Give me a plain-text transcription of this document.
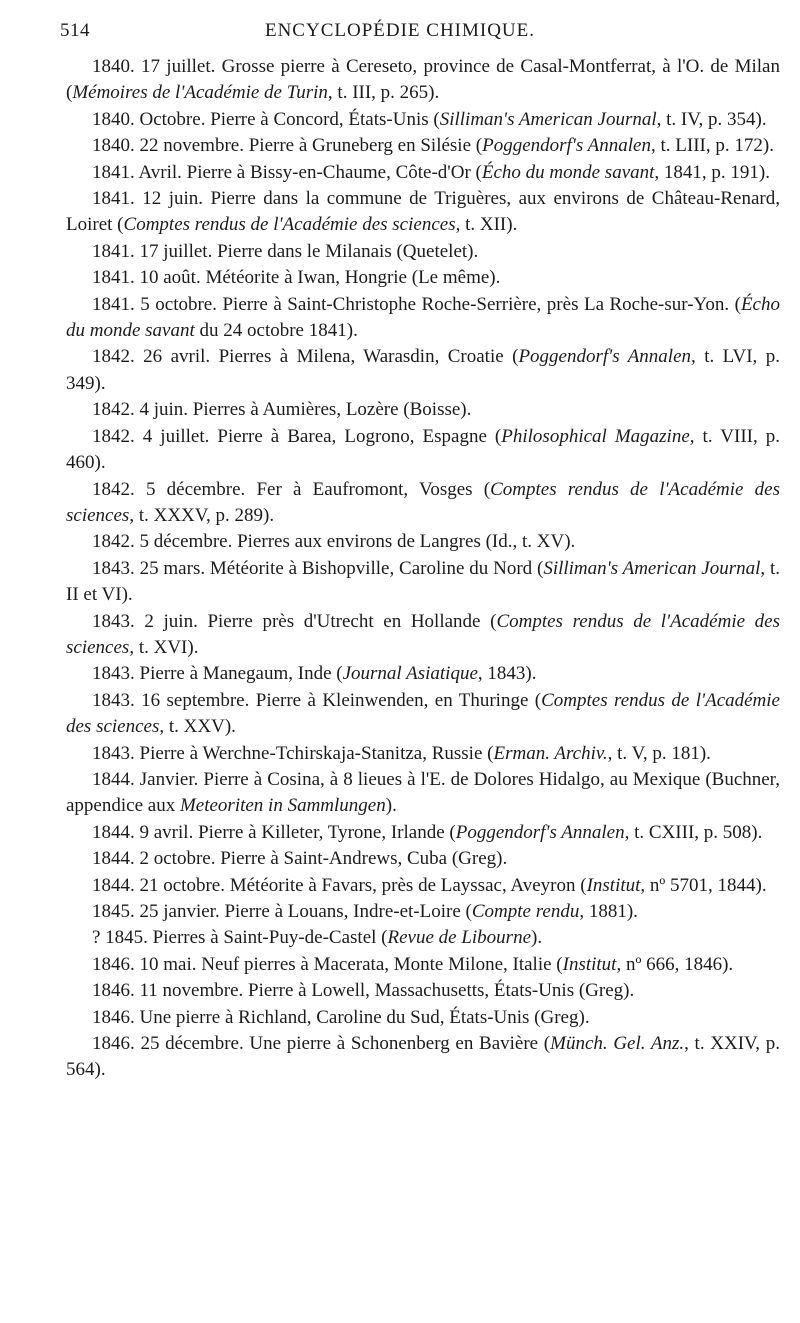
514	ENCYCLOPÉDIE CHIMIQUE.

1840. 17 juillet. Grosse pierre à Cereseto, province de Casal-Montferrat, à l'O. de Milan (Mémoires de l'Académie de Turin, t. III, p. 265).

1840. Octobre. Pierre à Concord, États-Unis (Silliman's American Journal, t. IV, p. 354).

1840. 22 novembre. Pierre à Gruneberg en Silésie (Poggendorf's Annalen, t. LIII, p. 172).

1841. Avril. Pierre à Bissy-en-Chaume, Côte-d'Or (Écho du monde savant, 1841, p. 191).

1841. 12 juin. Pierre dans la commune de Triguères, aux environs de Château-Renard, Loiret (Comptes rendus de l'Académie des sciences, t. XII).

1841. 17 juillet. Pierre dans le Milanais (Quetelet).

1841. 10 août. Météorite à Iwan, Hongrie (Le même).

1841. 5 octobre. Pierre à Saint-Christophe Roche-Serrière, près La Roche-sur-Yon. (Écho du monde savant du 24 octobre 1841).

1842. 26 avril. Pierres à Milena, Warasdin, Croatie (Poggendorf's Annalen, t. LVI, p. 349).

1842. 4 juin. Pierres à Aumières, Lozère (Boisse).

1842. 4 juillet. Pierre à Barea, Logrono, Espagne (Philosophical Magazine, t. VIII, p. 460).

1842. 5 décembre. Fer à Eaufromont, Vosges (Comptes rendus de l'Académie des sciences, t. XXXV, p. 289).

1842. 5 décembre. Pierres aux environs de Langres (Id., t. XV).

1843. 25 mars. Météorite à Bishopville, Caroline du Nord (Silliman's American Journal, t. II et VI).

1843. 2 juin. Pierre près d'Utrecht en Hollande (Comptes rendus de l'Académie des sciences, t. XVI).

1843. Pierre à Manegaum, Inde (Journal Asiatique, 1843).

1843. 16 septembre. Pierre à Kleinwenden, en Thuringe (Comptes rendus de l'Académie des sciences, t. XXV).

1843. Pierre à Werchne-Tchirskaja-Stanitza, Russie (Erman. Archiv., t. V, p. 181).

1844. Janvier. Pierre à Cosina, à 8 lieues à l'E. de Dolores Hidalgo, au Mexique (Buchner, appendice aux Meteoriten in Sammlungen).

1844. 9 avril. Pierre à Killeter, Tyrone, Irlande (Poggendorf's Annalen, t. CXIII, p. 508).

1844. 2 octobre. Pierre à Saint-Andrews, Cuba (Greg).

1844. 21 octobre. Météorite à Favars, près de Layssac, Aveyron (Institut, nº 5701, 1844).

1845. 25 janvier. Pierre à Louans, Indre-et-Loire (Compte rendu, 1881).

? 1845. Pierres à Saint-Puy-de-Castel (Revue de Libourne).

1846. 10 mai. Neuf pierres à Macerata, Monte Milone, Italie (Institut, nº 666, 1846).

1846. 11 novembre. Pierre à Lowell, Massachusetts, États-Unis (Greg).

1846. Une pierre à Richland, Caroline du Sud, États-Unis (Greg).

1846. 25 décembre. Une pierre à Schonenberg en Bavière (Münch. Gel. Anz., t. XXIV, p. 564).
